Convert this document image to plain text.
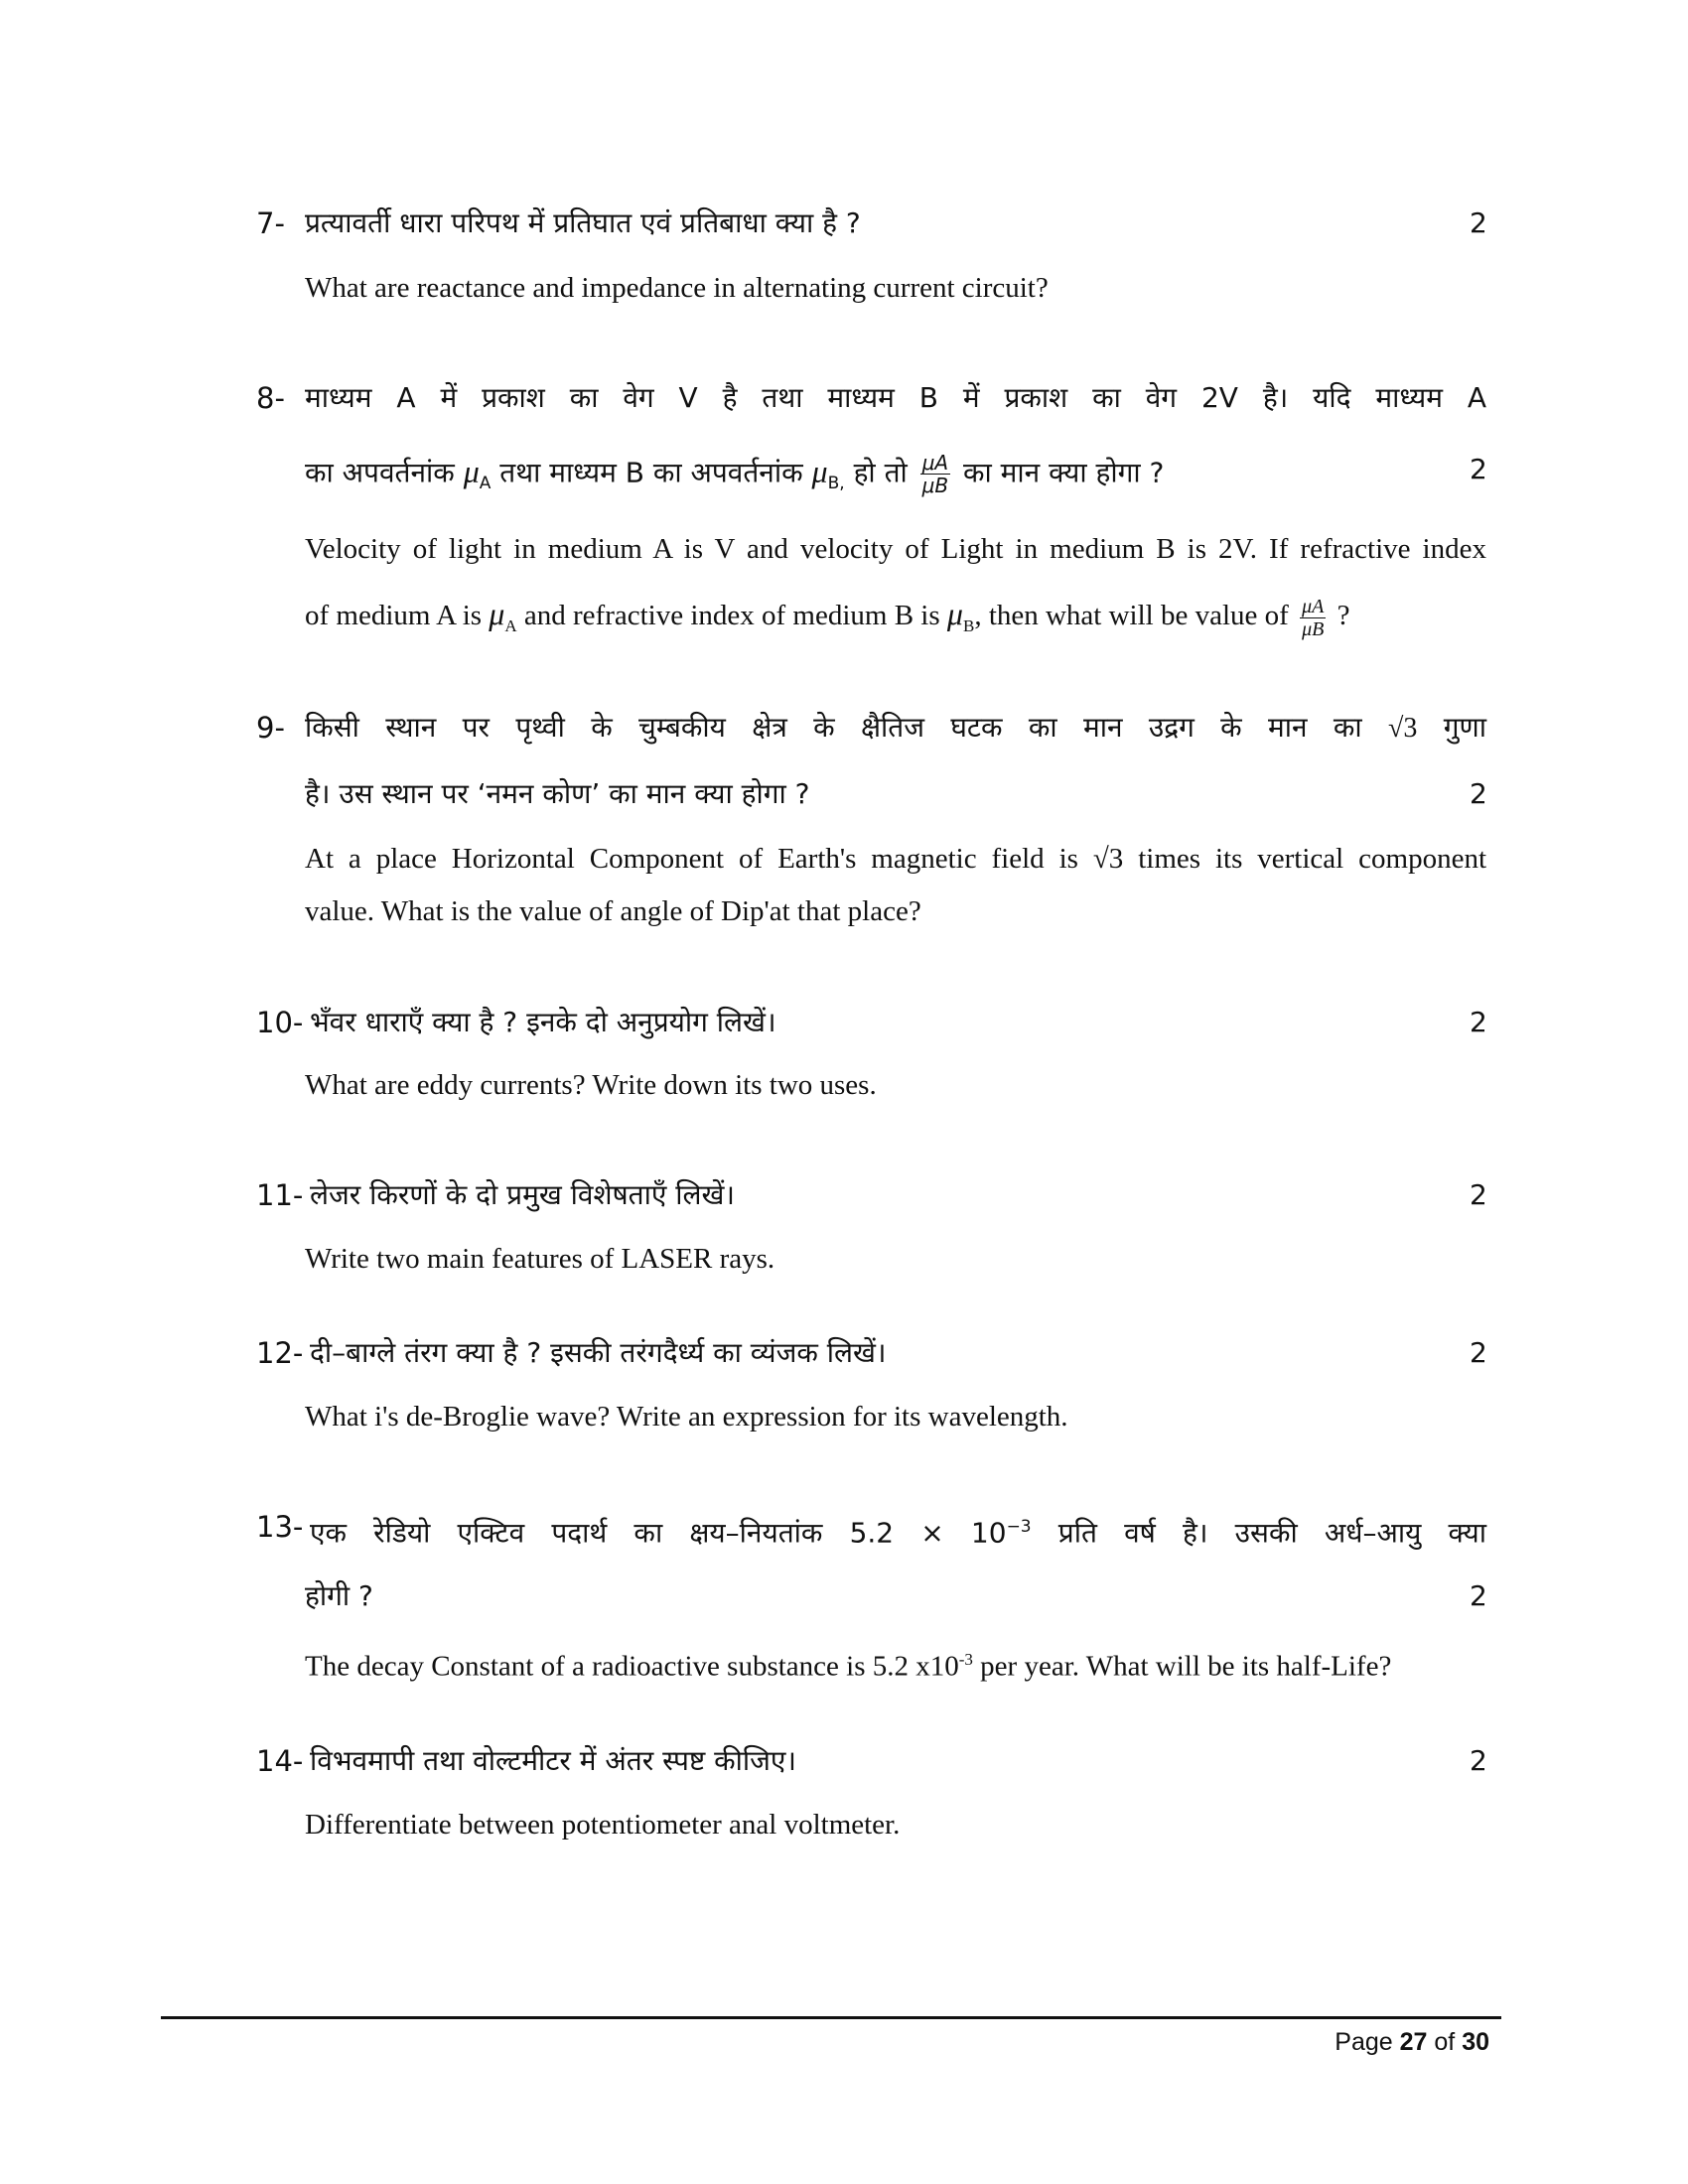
7- प्रत्यावर्ती धारा परिपथ में प्रतिघात एवं प्रतिबाधा क्या है ?	2
What are reactance and impedance in alternating current circuit?
8- माध्यम A में प्रकाश का वेग V है तथा माध्यम B में प्रकाश का वेग 2V है। यदि माध्यम A
का अपवर्तनांक $\mu_A$ तथा माध्यम B का अपवर्तनांक $\mu_{B,}$ हो तो $\frac{\mu A}{\mu B}$ का मान क्या होगा ?	2
Velocity of light in medium A is V and velocity of Light in medium B is 2V. If refractive index
of medium A is $\mu_A$ and refractive index of medium B is $\mu_B$, then what will be value of $\frac{\mu A}{\mu B}$ ?
9- किसी स्थान पर पृथ्वी के चुम्बकीय क्षेत्र के क्षैतिज घटक का मान उद्रग के मान का √3 गुणा
है। उस स्थान पर ‘नमन कोण’ का मान क्या होगा ?	2
At a place Horizontal Component of Earth's magnetic field is √3 times its vertical component
value. What is the value of angle of Dip'at that place?
10- भँवर धाराएँ क्या है ? इनके दो अनुप्रयोग लिखें।	2
What are eddy currents? Write down its two uses.
11- लेजर किरणों के दो प्रमुख विशेषताएँ लिखें।	2
Write two main features of LASER rays.
12- दी–बाग्ले तंरग क्या है ? इसकी तरंगदैर्ध्य का व्यंजक लिखें।	2
What i's de-Broglie wave? Write an expression for its wavelength.
13- एक रेडियो एक्टिव पदार्थ का क्षय–नियतांक $5.2 \times 10^{-3}$ प्रति वर्ष है। उसकी अर्ध–आयु क्या
होगी ?	2
The decay Constant of a radioactive substance is 5.2 $x10^{-3}$ per year. What will be its half-Life?
14- विभवमापी तथा वोल्टमीटर में अंतर स्पष्ट कीजिए।	2
Differentiate between potentiometer anal voltmeter.
Page 27 of 30
